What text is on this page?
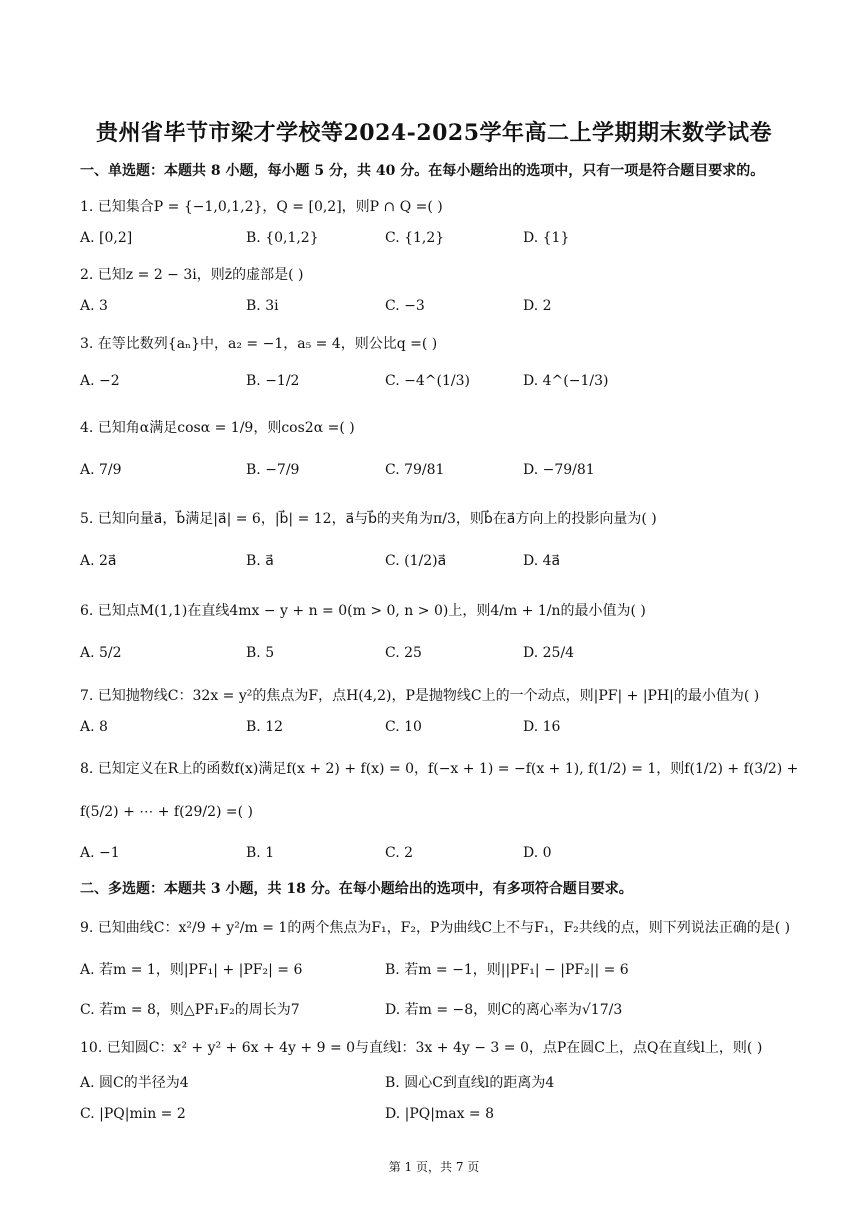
贵州省毕节市梁才学校等2024-2025学年高二上学期期末数学试卷
一、单选题：本题共 8 小题，每小题 5 分，共 40 分。在每小题给出的选项中，只有一项是符合题目要求的。
1. 已知集合P = {−1,0,1,2}，Q = [0,2]，则P ∩ Q =( )
A. [0,2]	B. {0,1,2}	C. {1,2}	D. {1}
2. 已知z = 2 − 3i，则z̄的虚部是( )
A. 3	B. 3i	C. −3	D. 2
3. 在等比数列{aₙ}中，a₂ = −1，a₅ = 4，则公比q =( )
A. −2	B. −1/2	C. −4^(1/3)	D. 4^(−1/3)
4. 已知角α满足cosα = 1/9，则cos2α =( )
A. 7/9	B. −7/9	C. 79/81	D. −79/81
5. 已知向量a⃗，b⃗满足|a⃗| = 6，|b⃗| = 12，a⃗与b⃗的夹角为π/3，则b⃗在a⃗方向上的投影向量为( )
A. 2a⃗	B. a⃗	C. (1/2)a⃗	D. 4a⃗
6. 已知点M(1,1)在直线4mx − y + n = 0(m > 0, n > 0)上，则4/m + 1/n的最小值为( )
A. 5/2	B. 5	C. 25	D. 25/4
7. 已知抛物线C：32x = y²的焦点为F，点H(4,2)，P是抛物线C上的一个动点，则|PF| + |PH|的最小值为( )
A. 8	B. 12	C. 10	D. 16
8. 已知定义在R上的函数f(x)满足f(x + 2) + f(x) = 0，f(−x + 1) = −f(x + 1), f(1/2) = 1，则f(1/2) + f(3/2) +
f(5/2) + ⋯ + f(29/2) =( )
A. −1	B. 1	C. 2	D. 0
二、多选题：本题共 3 小题，共 18 分。在每小题给出的选项中，有多项符合题目要求。
9. 已知曲线C：x²/9 + y²/m = 1的两个焦点为F₁，F₂，P为曲线C上不与F₁，F₂共线的点，则下列说法正确的是( )
A. 若m = 1，则|PF₁| + |PF₂| = 6	B. 若m = −1，则||PF₁| − |PF₂|| = 6
C. 若m = 8，则△PF₁F₂的周长为7	D. 若m = −8，则C的离心率为√17/3
10. 已知圆C：x² + y² + 6x + 4y + 9 = 0与直线l：3x + 4y − 3 = 0，点P在圆C上，点Q在直线l上，则( )
A. 圆C的半径为4	B. 圆心C到直线l的距离为4
C. |PQ|min = 2	D. |PQ|max = 8
第 1 页，共 7 页
